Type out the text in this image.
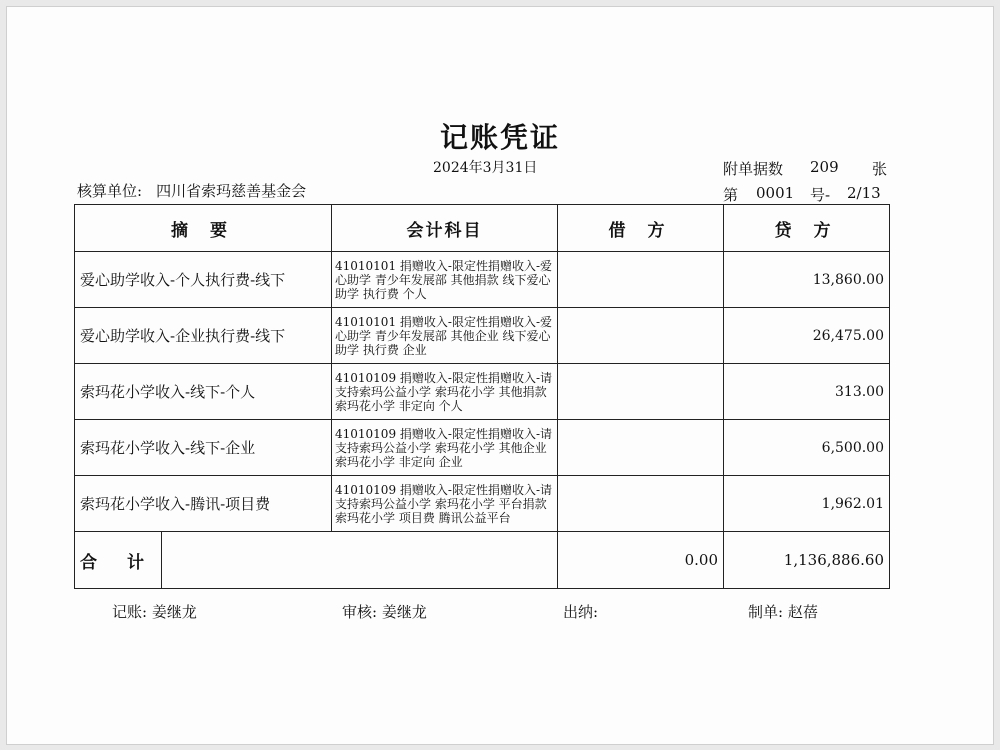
记账凭证
2024年3月31日	附单据数 209 张
第 0001 号- 2/13
核算单位: 四川省索玛慈善基金会
摘 要	会计科目	借 方	贷 方
爱心助学收入-个人执行费-线下	41010101 捐赠收入-限定性捐赠收入-爱心助学 青少年发展部 其他捐款 线下爱心助学 执行费 个人		13,860.00
爱心助学收入-企业执行费-线下	41010101 捐赠收入-限定性捐赠收入-爱心助学 青少年发展部 其他企业 线下爱心助学 执行费 企业		26,475.00
索玛花小学收入-线下-个人	41010109 捐赠收入-限定性捐赠收入-请支持索玛公益小学 索玛花小学 其他捐款 索玛花小学 非定向 个人		313.00
索玛花小学收入-线下-企业	41010109 捐赠收入-限定性捐赠收入-请支持索玛公益小学 索玛花小学 其他企业 索玛花小学 非定向 企业		6,500.00
索玛花小学收入-腾讯-项目费	41010109 捐赠收入-限定性捐赠收入-请支持索玛公益小学 索玛花小学 平台捐款 索玛花小学 项目费 腾讯公益平台		1,962.01

合 计		0.00	1,136,886.60
记账: 姜继龙	审核: 姜继龙	出纳:	制单: 赵蓓
